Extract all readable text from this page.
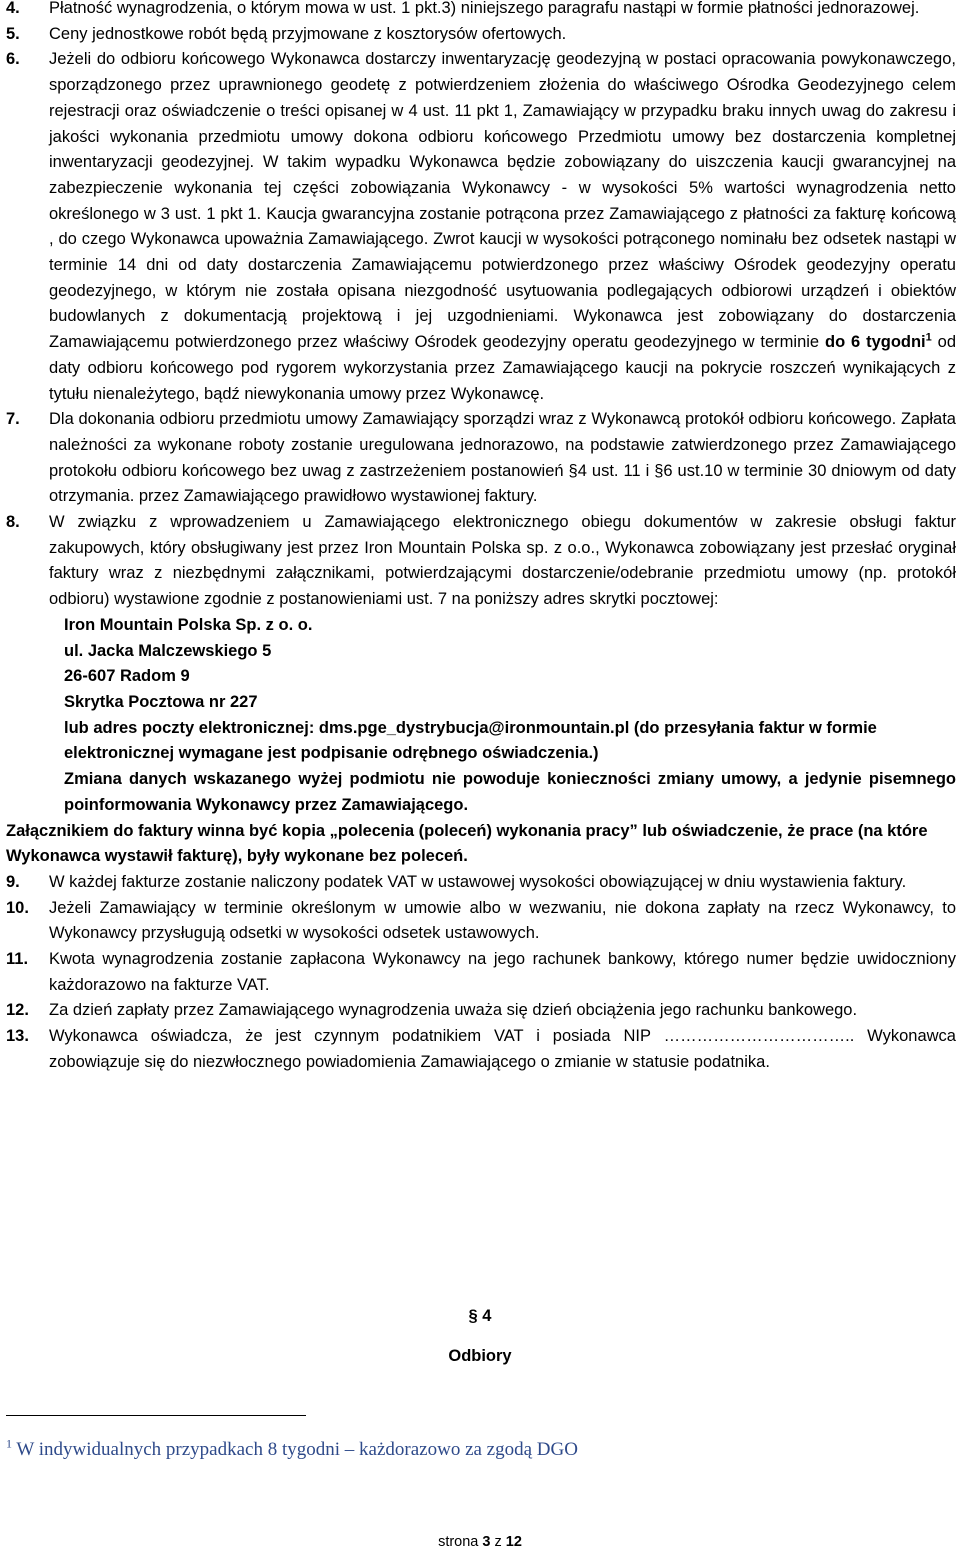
4. Płatność wynagrodzenia, o którym mowa w ust. 1 pkt.3) niniejszego paragrafu nastąpi w formie płatności jednorazowej.
5. Ceny jednostkowe robót będą przyjmowane z kosztorysów ofertowych.
6. Jeżeli do odbioru końcowego Wykonawca dostarczy inwentaryzację geodezyjną w postaci opracowania powykonawczego, sporządzonego przez uprawnionego geodetę z potwierdzeniem złożenia do właściwego Ośrodka Geodezyjnego celem rejestracji oraz oświadczenie o treści opisanej w 4 ust. 11 pkt 1, Zamawiający w przypadku braku innych uwag do zakresu i jakości wykonania przedmiotu umowy dokona odbioru końcowego Przedmiotu umowy bez dostarczenia kompletnej inwentaryzacji geodezyjnej. W takim wypadku Wykonawca będzie zobowiązany do uiszczenia kaucji gwarancyjnej na zabezpieczenie wykonania tej części zobowiązania Wykonawcy - w wysokości 5% wartości wynagrodzenia netto określonego w 3 ust. 1 pkt 1. Kaucja gwarancyjna zostanie potrącona przez Zamawiającego z płatności za fakturę końcową , do czego Wykonawca upoważnia Zamawiającego. Zwrot kaucji w wysokości potrąconego nominału bez odsetek nastąpi w terminie 14 dni od daty dostarczenia Zamawiającemu potwierdzonego przez właściwy Ośrodek geodezyjny operatu geodezyjnego, w którym nie została opisana niezgodność usytuowania podlegających odbiorowi urządzeń i obiektów budowlanych z dokumentacją projektową i jej uzgodnieniami. Wykonawca jest zobowiązany do dostarczenia Zamawiającemu potwierdzonego przez właściwy Ośrodek geodezyjny operatu geodezyjnego w terminie do 6 tygodni$^1$ od daty odbioru końcowego pod rygorem wykorzystania przez Zamawiającego kaucji na pokrycie roszczeń wynikających z tytułu nienależytego, bądź niewykonania umowy przez Wykonawcę.
7. Dla dokonania odbioru przedmiotu umowy Zamawiający sporządzi wraz z Wykonawcą protokół odbioru końcowego. Zapłata należności za wykonane roboty zostanie uregulowana jednorazowo, na podstawie zatwierdzonego przez Zamawiającego protokołu odbioru końcowego bez uwag z zastrzeżeniem postanowień §4 ust. 11 i §6 ust.10 w terminie 30 dniowym od daty otrzymania. przez Zamawiającego prawidłowo wystawionej faktury.
8. W związku z wprowadzeniem u Zamawiającego elektronicznego obiegu dokumentów w zakresie obsługi faktur zakupowych, który obsługiwany jest przez Iron Mountain Polska sp. z o.o., Wykonawca zobowiązany jest przesłać oryginał faktury wraz z niezbędnymi załącznikami, potwierdzającymi dostarczenie/odebranie przedmiotu umowy (np. protokół odbioru) wystawione zgodnie z postanowieniami ust. 7 na poniższy adres skrytki pocztowej:
Iron Mountain Polska Sp. z o. o.
ul. Jacka Malczewskiego 5
26-607 Radom 9
Skrytka Pocztowa nr 227
lub adres poczty elektronicznej: dms.pge_dystrybucja@ironmountain.pl (do przesyłania faktur w formie elektronicznej wymagane jest podpisanie odrębnego oświadczenia.)
Zmiana danych wskazanego wyżej podmiotu nie powoduje konieczności zmiany umowy, a jedynie pisemnego poinformowania Wykonawcy przez Zamawiającego.
Załącznikiem do faktury winna być kopia „polecenia (poleceń) wykonania pracy” lub oświadczenie, że prace (na które Wykonawca wystawił fakturę), były wykonane bez poleceń.
9. W każdej fakturze zostanie naliczony podatek VAT w ustawowej wysokości obowiązującej w dniu wystawienia faktury.
10. Jeżeli Zamawiający w terminie określonym w umowie albo w wezwaniu, nie dokona zapłaty na rzecz Wykonawcy, to Wykonawcy przysługują odsetki w wysokości odsetek ustawowych.
11. Kwota wynagrodzenia zostanie zapłacona Wykonawcy na jego rachunek bankowy, którego numer będzie uwidoczniony każdorazowo na fakturze VAT.
12. Za dzień zapłaty przez Zamawiającego wynagrodzenia uważa się dzień obciążenia jego rachunku bankowego.
13. Wykonawca oświadcza, że jest czynnym podatnikiem VAT i posiada NIP …………………………….. Wykonawca zobowiązuje się do niezwłocznego powiadomienia Zamawiającego o zmianie w statusie podatnika.
§ 4
Odbiory
$^1$ W indywidualnych przypadkach 8 tygodni – każdorazowo za zgodą DGO
strona 3 z 12
